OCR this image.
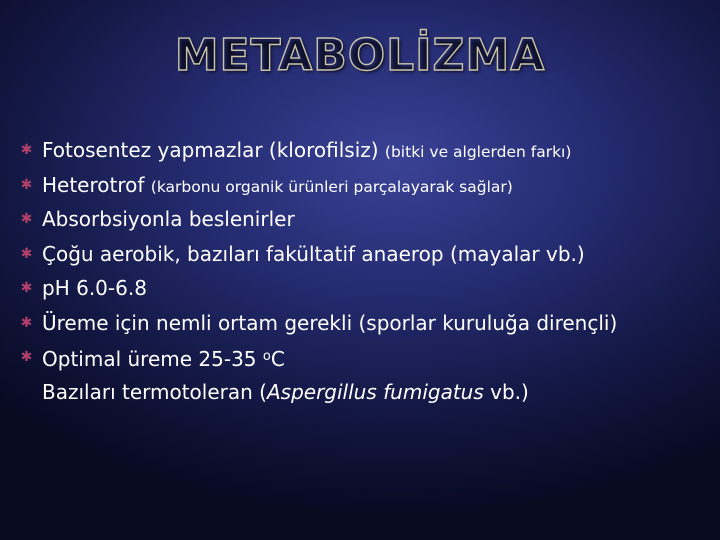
METABOLİZMA
✱
Fotosentez yapmazlar (klorofilsiz) (bitki ve alglerden farkı)
✱
Heterotrof (karbonu organik ürünleri parçalayarak sağlar)
✱
Absorbsiyonla beslenirler
✱
Çoğu aerobik, bazıları fakültatif anaerop (mayalar vb.)
✱
pH 6.0-6.8
✱
Üreme için nemli ortam gerekli (sporlar kuruluğa dirençli)
✱
Optimal üreme 25-35 $^o$C
Bazıları termotoleran (Aspergillus fumigatus vb.)
